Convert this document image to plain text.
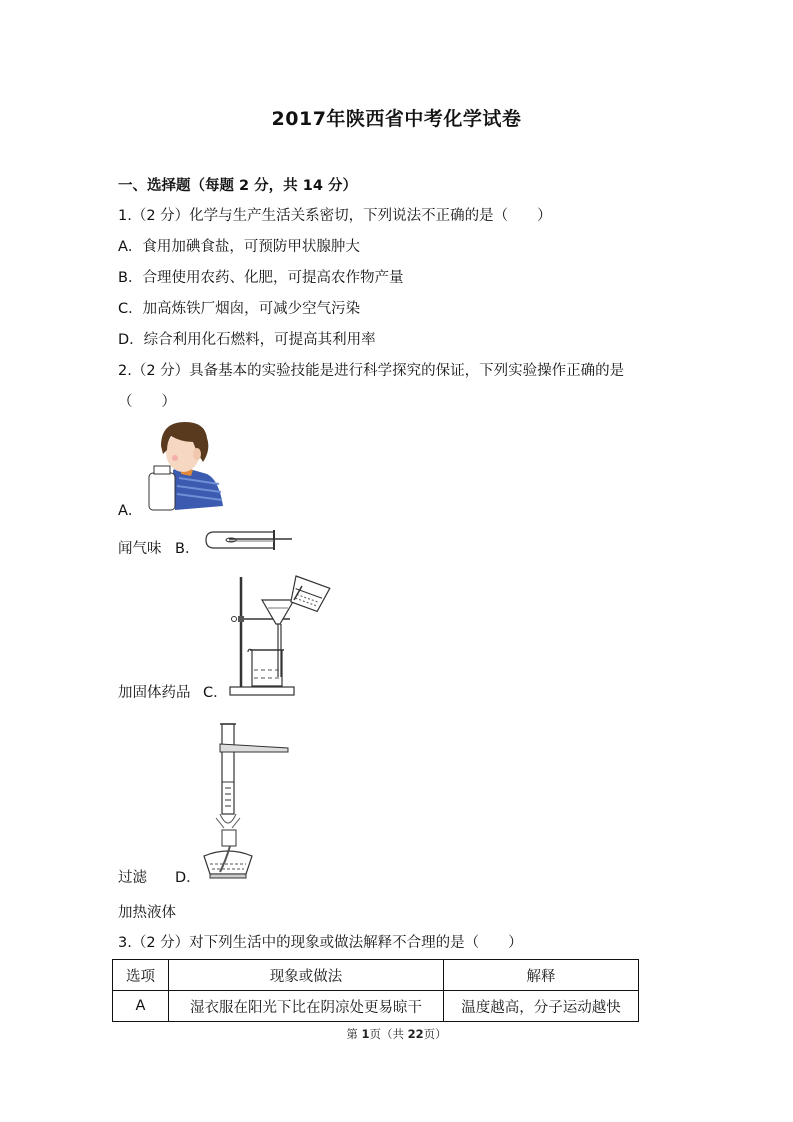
2017年陕西省中考化学试卷
一、选择题（每题 2 分，共 14 分）
1.（2 分）化学与生产生活关系密切，下列说法不正确的是（　　）
A．食用加碘食盐，可预防甲状腺肿大
B．合理使用农药、化肥，可提高农作物产量
C．加高炼铁厂烟囱，可减少空气污染
D．综合利用化石燃料，可提高其利用率
2.（2 分）具备基本的实验技能是进行科学探究的保证，下列实验操作正确的是
（　　）
A．
闻气味 B．
加固体药品 C．
过滤 D．
加热液体
3.（2 分）对下列生活中的现象或做法解释不合理的是（　　）
选项	现象或做法	解释
A	湿衣服在阳光下比在阴凉处更易晾干	温度越高，分子运动越快
第 1页（共 22页）
